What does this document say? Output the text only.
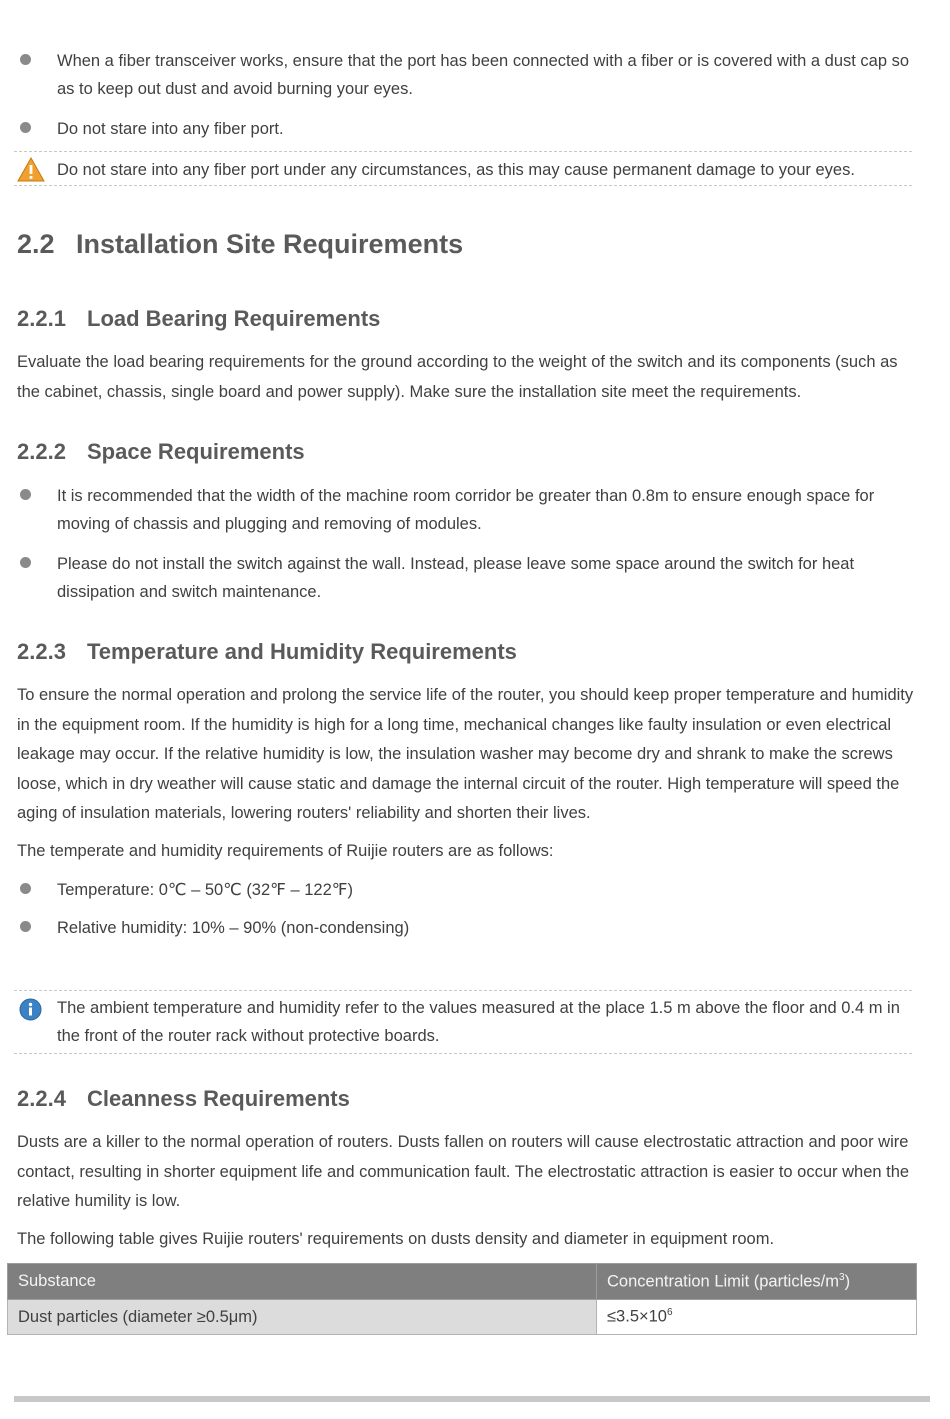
When a fiber transceiver works, ensure that the port has been connected with a fiber or is covered with a dust cap so as to keep out dust and avoid burning your eyes.
Do not stare into any fiber port.
Do not stare into any fiber port under any circumstances, as this may cause permanent damage to your eyes.
2.2 Installation Site Requirements
2.2.1 Load Bearing Requirements
Evaluate the load bearing requirements for the ground according to the weight of the switch and its components (such as the cabinet, chassis, single board and power supply). Make sure the installation site meet the requirements.
2.2.2 Space Requirements
It is recommended that the width of the machine room corridor be greater than 0.8m to ensure enough space for moving of chassis and plugging and removing of modules.
Please do not install the switch against the wall. Instead, please leave some space around the switch for heat dissipation and switch maintenance.
2.2.3 Temperature and Humidity Requirements
To ensure the normal operation and prolong the service life of the router, you should keep proper temperature and humidity in the equipment room. If the humidity is high for a long time, mechanical changes like faulty insulation or even electrical leakage may occur. If the relative humidity is low, the insulation washer may become dry and shrank to make the screws loose, which in dry weather will cause static and damage the internal circuit of the router. High temperature will speed the aging of insulation materials, lowering routers' reliability and shorten their lives.
The temperate and humidity requirements of Ruijie routers are as follows:
Temperature: 0℃ – 50℃ (32℉ – 122℉)
Relative humidity: 10% – 90% (non-condensing)
The ambient temperature and humidity refer to the values measured at the place 1.5 m above the floor and 0.4 m in the front of the router rack without protective boards.
2.2.4 Cleanness Requirements
Dusts are a killer to the normal operation of routers. Dusts fallen on routers will cause electrostatic attraction and poor wire contact, resulting in shorter equipment life and communication fault. The electrostatic attraction is easier to occur when the relative humility is low.
The following table gives Ruijie routers' requirements on dusts density and diameter in equipment room.
Substance	Concentration Limit $(particles/m^3)$
Dust particles (diameter ≥0.5μm)	$\le 3.5\times 10^6$
